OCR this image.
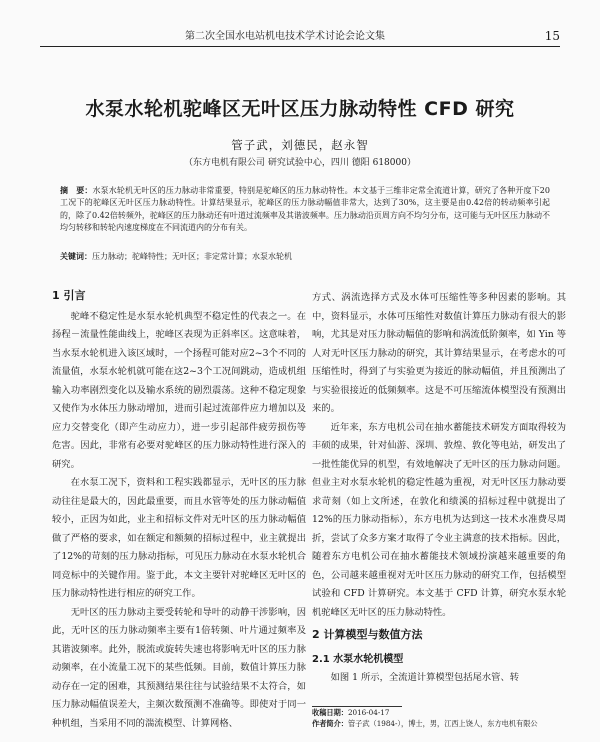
第二次全国水电站机电技术学术讨论会论文集	15
水泵水轮机驼峰区无叶区压力脉动特性 CFD 研究
管子武，刘德民，赵永智
（东方电机有限公司 研究试验中心，四川 德阳 618000）
摘　要：水泵水轮机无叶区的压力脉动非常重要，特别是驼峰区的压力脉动特性。本文基于三维非定常全流道计算，研究了各种开度下20工况下的驼峰区无叶区压力脉动特性。计算结果显示，驼峰区的压力脉动幅值非常大，达到了30%，这主要是由0.42倍的转动频率引起的，除了0.42倍转频外，驼峰区的压力脉动还有叶道过流频率及其谐波频率。压力脉动沿页周方向不均匀分布，这可能与无叶区压力脉动不均匀转移和转轮内速度梯度在不同流道内的分布有关。
关键词：压力脉动；驼峰特性；无叶区；非定常计算；水泵水轮机
1 引言

驼峰不稳定性是水泵水轮机典型不稳定性的代表之一。在扬程－流量性能曲线上，驼峰区表现为正斜率区。这意味着，当水泵水轮机进入该区域时，一个扬程可能对应2~3个不同的流量值，水泵水轮机就可能在这2~3个工况间跳动，造成机组输入功率剧烈变化以及输水系统的剧烈震荡。这种不稳定现象又使作为水体压力脉动增加，进而引起过流部件应力增加以及应力交替变化（即产生动应力），进一步引起部件疲劳损伤等危害。因此，非常有必要对驼峰区的压力脉动特性进行深入的研究。

在水泵工况下，资料和工程实践都显示，无叶区的压力脉动往往是最大的，因此最重要，而且水管等处的压力脉动幅值较小，正因为如此，业主和招标文件对无叶区的压力脉动幅值做了严格的要求，如在额定和额频的招标过程中，业主就提出了12%的苛刻的压力脉动指标，可见压力脉动在水泵水轮机合同竞标中的关键作用。鉴于此，本文主要针对驼峰区无叶区的压力脉动特性进行相应的研究工作。

无叶区的压力脉动主要受转轮和导叶的动静干涉影响，因此，无叶区的压力脉动频率主要有1倍转频、叶片通过频率及其谐波频率。此外，脱流或旋转失速也将影响无叶区的压力脉动频率，在小流量工况下的某些低频。目前，数值计算压力脉动存在一定的困难，其预测结果往往与试验结果不太符合，如压力脉动幅值误差大，主频次数预测不准确等。即使对于同一种机组，当采用不同的湍流模型、计算网格、

方式、涡流选择方式及水体可压缩性等多种因素的影响。其中，资料显示，水体可压缩性对数值计算压力脉动有很大的影响，尤其是对压力脉动幅值的影响和涡流低阶频率，如 Yin 等人对无叶区压力脉动的研究，其计算结果显示，在考虑水的可压缩性时，得到了与实验更为接近的脉动幅值，并且预测出了与实验很接近的低频频率。这是不可压缩流体模型没有预测出来的。

近年来，东方电机公司在抽水蓄能技术研发方面取得较为丰硕的成果，针对仙游、深圳、敦煌、敦化等电站，研发出了一批性能优异的机型，有效地解决了无叶区的压力脉动问题。但业主对水泵水轮机的稳定性越为重视，对无叶区压力脉动要求苛刻（如上文所述，在敦化和绩溪的招标过程中就提出了12%的压力脉动指标），东方电机为达到这一技术水准费尽周折，尝试了众多方案才取得了令业主满意的技术指标。因此，随着东方电机公司在抽水蓄能技术领域扮演越来越重要的角色，公司越来越重视对无叶区压力脉动的研究工作，包括模型试验和 CFD 计算研究。本文基于 CFD 计算，研究水泵水轮机驼峰区无叶区的压力脉动特性。

2 计算模型与数值方法
2.1 水泵水轮机模型

如图 1 所示，全流道计算模型包括尾水管、转

收稿日期：2016-04-17
作者简介：管子武（1984-），博士，男，江西上饶人，东方电机有限公
